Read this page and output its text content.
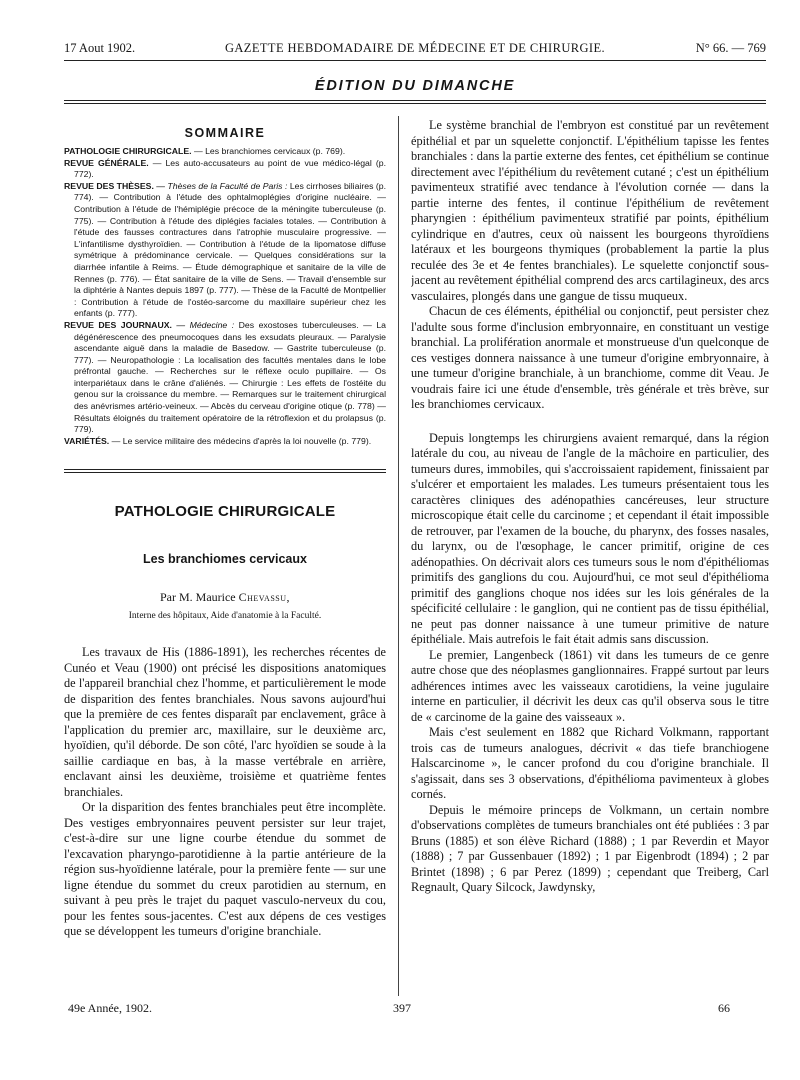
17 Aout 1902.	GAZETTE HEBDOMADAIRE DE MÉDECINE ET DE CHIRURGIE.	N° 66. — 769
ÉDITION DU DIMANCHE
SOMMAIRE

PATHOLOGIE CHIRURGICALE. — Les branchiomes cervicaux (p. 769).

REVUE GÉNÉRALE. — Les auto-accusateurs au point de vue médico-légal (p. 772).

REVUE DES THÈSES. — Thèses de la Faculté de Paris : Les cirrhoses biliaires (p. 774). — Contribution à l'étude des ophtalmoplégies d'origine nucléaire. — Contribution à l'étude de l'hémiplégie précoce de la méningite tuberculeuse (p. 775). — Contribution à l'étude des diplégies faciales totales. — Contribution à l'étude des fausses contractures dans l'atrophie musculaire progressive. — L'infantilisme dysthyroïdien. — Contribution à l'étude de la lipomatose diffuse symétrique à prédominance cervicale. — Quelques considérations sur la diarrhée infantile à Reims. — Étude démographique et sanitaire de la ville de Rennes (p. 776). — État sanitaire de la ville de Sens. — Travail d'ensemble sur la diphtérie à Nantes depuis 1897 (p. 777). — Thèse de la Faculté de Montpellier : Contribution à l'étude de l'ostéo-sarcome du maxillaire supérieur chez les enfants (p. 777).

REVUE DES JOURNAUX. — Médecine : Des exostoses tuberculeuses. — La dégénérescence des pneumocoques dans les exsudats pleuraux. — Paralysie ascendante aiguë dans la maladie de Basedow. — Gastrite tuberculeuse (p. 777). — Neuropathologie : La localisation des facultés mentales dans le lobe préfrontal gauche. — Recherches sur le réflexe oculo pupillaire. — Os interpariétaux dans le crâne d'aliénés. — Chirurgie : Les effets de l'ostéite du genou sur la croissance du membre. — Remarques sur le traitement chirurgical des anévrismes artério-veineux. — Abcès du cerveau d'origine otique (p. 778) — Résultats éloignés du traitement opératoire de la rétroflexion et du prolapsus (p. 779).

VARIÉTÉS. — Le service militaire des médecins d'après la loi nouvelle (p. 779).

PATHOLOGIE CHIRURGICALE
Les branchiomes cervicaux
Par M. Maurice Chevassu,
Interne des hôpitaux, Aide d'anatomie à la Faculté.

Les travaux de His (1886-1891), les recherches récentes de Cunéo et Veau (1900) ont précisé les dispositions anatomiques de l'appareil branchial chez l'homme, et particulièrement le mode de disparition des fentes branchiales. Nous savons aujourd'hui que la première de ces fentes disparaît par enclavement, grâce à l'application du premier arc, maxillaire, sur le deuxième arc, hyoïdien, qu'il déborde. De son côté, l'arc hyoïdien se soude à la saillie cardiaque en bas, à la masse vertébrale en arrière, enclavant ainsi les deuxième, troisième et quatrième fentes branchiales.

Or la disparition des fentes branchiales peut être incomplète. Des vestiges embryonnaires peuvent persister sur leur trajet, c'est-à-dire sur une ligne courbe étendue du sommet de l'excavation pharyngo-parotidienne à la partie antérieure de la région sus-hyoïdienne latérale, pour la première fente — sur une ligne étendue du sommet du creux parotidien au sternum, en suivant à peu près le trajet du paquet vasculo-nerveux du cou, pour les fentes sous-jacentes. C'est aux dépens de ces vestiges que se développent les tumeurs d'origine branchiale.

Le système branchial de l'embryon est constitué par un revêtement épithélial et par un squelette conjonctif. L'épithélium tapisse les fentes branchiales : dans la partie externe des fentes, cet épithélium se continue directement avec l'épithélium du revêtement cutané ; c'est un épithélium pavimenteux stratifié avec tendance à l'évolution cornée — dans la partie interne des fentes, il continue l'épithélium de revêtement pharyngien : épithélium pavimenteux stratifié par points, épithélium cylindrique en d'autres, ceux où naissent les bourgeons thyroïdiens latéraux et les bourgeons thymiques (probablement la partie la plus reculée des 3e et 4e fentes branchiales). Le squelette conjonctif sous-jacent au revêtement épithélial comprend des arcs cartilagineux, des arcs vasculaires, plongés dans une gangue de tissu muqueux.

Chacun de ces éléments, épithélial ou conjonctif, peut persister chez l'adulte sous forme d'inclusion embryonnaire, en constituant un vestige branchial. La prolifération anormale et monstrueuse d'un quelconque de ces vestiges donnera naissance à une tumeur d'origine embryonnaire, à une tumeur d'origine branchiale, à un branchiome, comme dit Veau. Je voudrais faire ici une étude d'ensemble, très générale et très brève, sur les branchiomes cervicaux.

Depuis longtemps les chirurgiens avaient remarqué, dans la région latérale du cou, au niveau de l'angle de la mâchoire en particulier, des tumeurs dures, immobiles, qui s'accroissaient rapidement, finissaient par s'ulcérer et emportaient les malades. Les tumeurs présentaient tous les caractères cliniques des adénopathies cancéreuses, leur structure microscopique était celle du carcinome ; et cependant il était impossible de retrouver, par l'examen de la bouche, du pharynx, des fosses nasales, du larynx, ou de l'œsophage, le cancer primitif, origine de ces adénopathies. On décrivait alors ces tumeurs sous le nom d'épithéliomas primitifs des ganglions du cou. Aujourd'hui, ce mot seul d'épithélioma primitif des ganglions choque nos idées sur les lois générales de la spécificité cellulaire : le ganglion, qui ne contient pas de tissu épithélial, ne peut pas donner naissance à une tumeur primitive de nature épithéliale. Mais autrefois le fait était admis sans discussion.

Le premier, Langenbeck (1861) vit dans les tumeurs de ce genre autre chose que des néoplasmes ganglionnaires. Frappé surtout par leurs adhérences intimes avec les vaisseaux carotidiens, la veine jugulaire interne en particulier, il décrivit les deux cas qu'il observa sous le titre de « carcinome de la gaine des vaisseaux ».

Mais c'est seulement en 1882 que Richard Volkmann, rapportant trois cas de tumeurs analogues, décrivit « das tiefe branchiogene Halscarcinome », le cancer profond du cou d'origine branchiale. Il s'agissait, dans ses 3 observations, d'épithélioma pavimenteux à globes cornés.

Depuis le mémoire princeps de Volkmann, un certain nombre d'observations complètes de tumeurs branchiales ont été publiées : 3 par Bruns (1885) et son élève Richard (1888) ; 1 par Reverdin et Mayor (1888) ; 7 par Gussenbauer (1892) ; 1 par Eigenbrodt (1894) ; 2 par Brintet (1898) ; 6 par Perez (1899) ; cependant que Treiberg, Carl Regnault, Quary Silcock, Jawdynsky,

49e Année, 1902.	397	66
